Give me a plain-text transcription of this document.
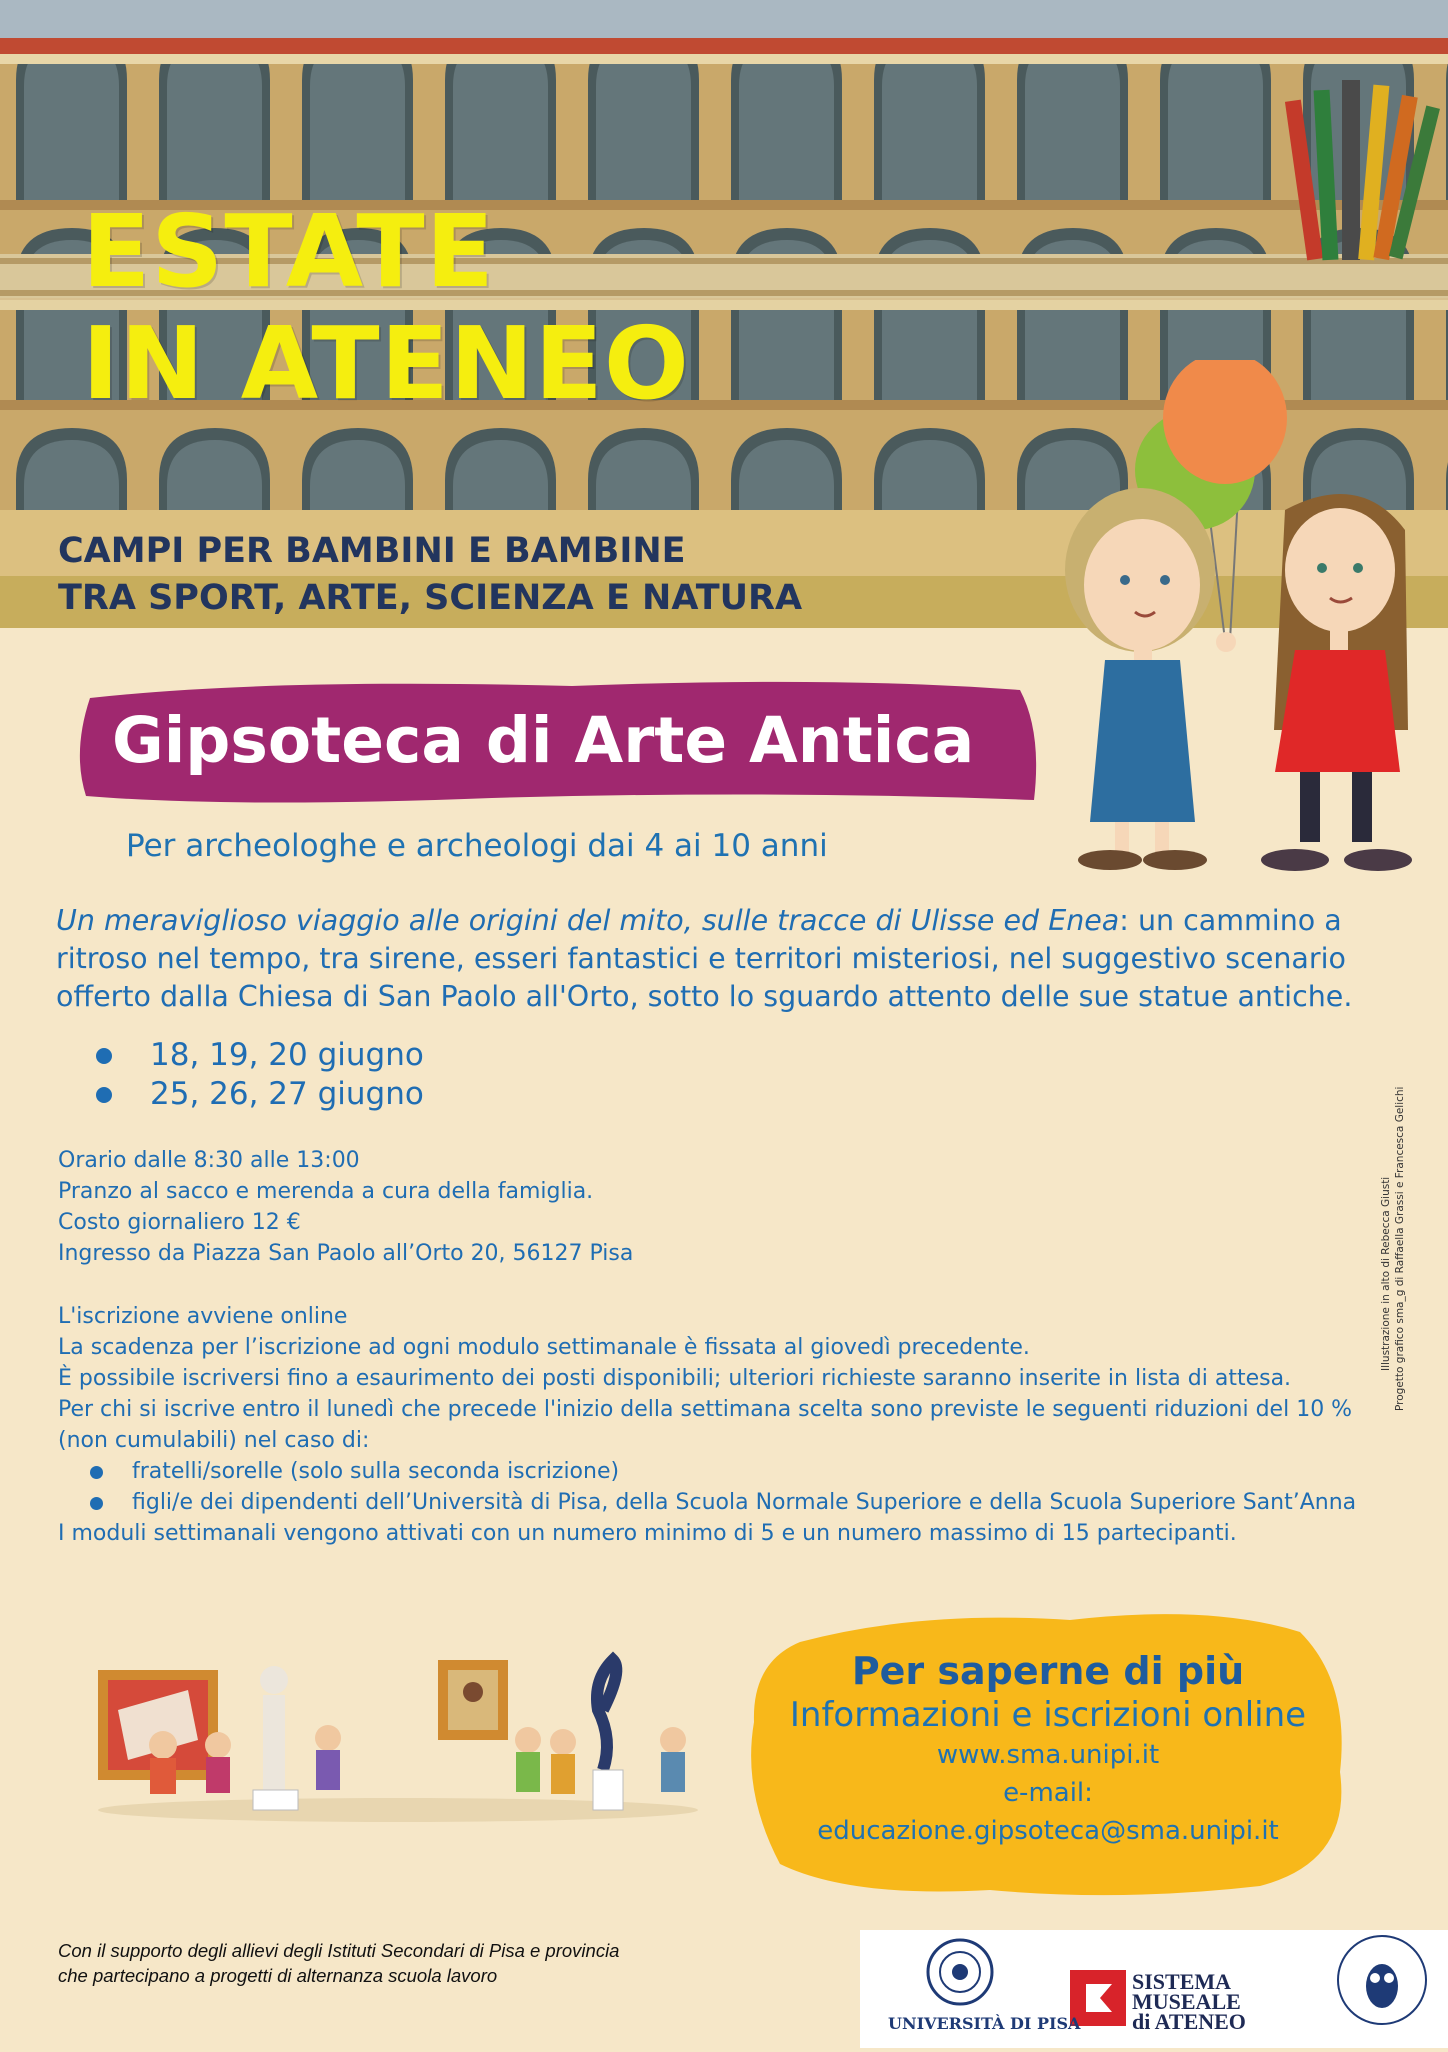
ESTATE
IN ATENEO

CAMPI PER BAMBINI E BAMBINE
TRA SPORT, ARTE, SCIENZA E NATURA

Gipsoteca di Arte Antica

Per archeologhe e archeologi dai 4 ai 10 anni

Un meraviglioso viaggio alle origini del mito, sulle tracce di Ulisse ed Enea: un cammino a ritroso nel tempo, tra sirene, esseri fantastici e territori misteriosi, nel suggestivo scenario offerto dalla Chiesa di San Paolo all'Orto, sotto lo sguardo attento delle sue statue antiche.

18, 19, 20 giugno
25, 26, 27 giugno

Orario dalle 8:30 alle 13:00
Pranzo al sacco e merenda a cura della famiglia.
Costo giornaliero 12 €
Ingresso da Piazza San Paolo all’Orto 20, 56127 Pisa

L'iscrizione avviene online
La scadenza per l’iscrizione ad ogni modulo settimanale è fissata al giovedì precedente.
È possibile iscriversi fino a esaurimento dei posti disponibili; ulteriori richieste saranno inserite in lista di attesa.
Per chi si iscrive entro il lunedì che precede l'inizio della settimana scelta sono previste le seguenti riduzioni del 10 % (non cumulabili) nel caso di:
fratelli/sorelle (solo sulla seconda iscrizione)
figli/e dei dipendenti dell’Università di Pisa, della Scuola Normale Superiore e della Scuola Superiore Sant’Anna
I moduli settimanali vengono attivati con un numero minimo di 5 e un numero massimo di 15 partecipanti.
Illustrazione in alto di Rebecca Giusti Progetto grafico sma_g di Raffaella Grassi e Francesca Gelichi

Per saperne di più

Informazioni e iscrizioni online

www.sma.unipi.it

e-mail:

educazione.gipsoteca@sma.unipi.it

Con il supporto degli allievi degli Istituti Secondari di Pisa e provincia
che partecipano a progetti di alternanza scuola lavoro

UNIVERSITÀ DI PISA
SISTEMA
MUSEALE
di ATENEO
